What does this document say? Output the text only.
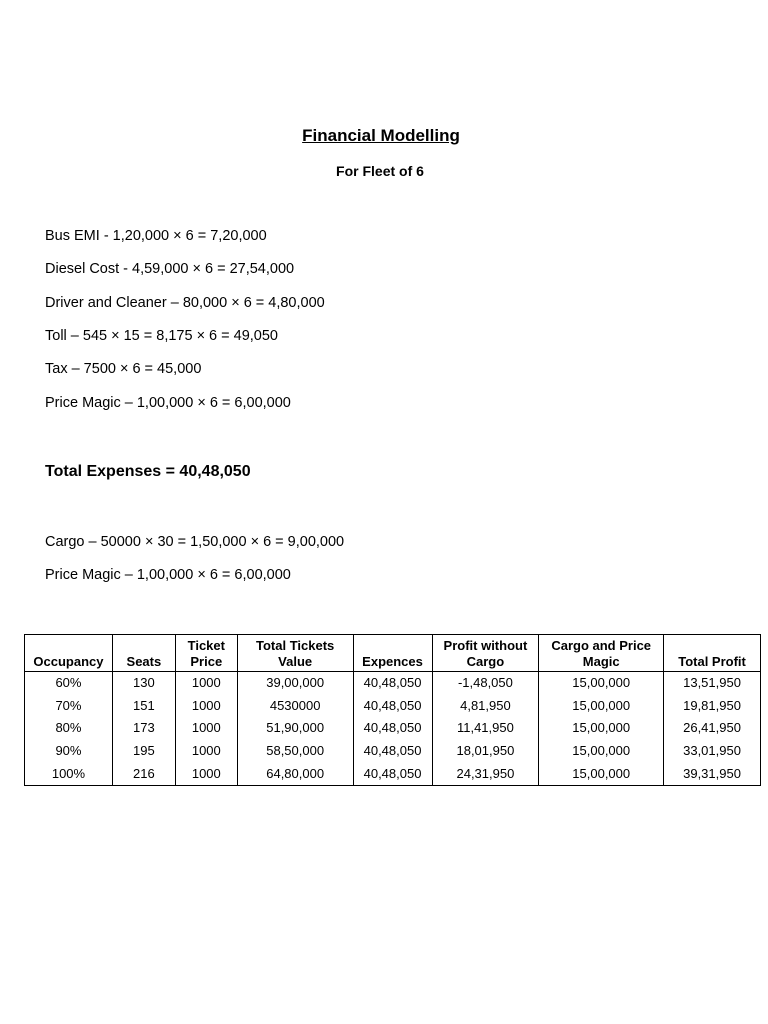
Financial Modelling
For Fleet of 6
Bus EMI - 1,20,000 × 6 = 7,20,000
Diesel Cost - 4,59,000 × 6 = 27,54,000
Driver and Cleaner – 80,000 × 6 = 4,80,000
Toll – 545 × 15 = 8,175 × 6 = 49,050
Tax – 7500 × 6 = 45,000
Price Magic – 1,00,000 × 6 = 6,00,000
Total Expenses = 40,48,050
Cargo – 50000 × 30 = 1,50,000 × 6 = 9,00,000
Price Magic – 1,00,000 × 6 = 6,00,000
Occupancy	Seats	Ticket Price	Total Tickets Value	Expences	Profit without Cargo	Cargo and Price Magic	Total Profit
60%	130	1000	39,00,000	40,48,050	-1,48,050	15,00,000	13,51,950
70%	151	1000	4530000	40,48,050	4,81,950	15,00,000	19,81,950
80%	173	1000	51,90,000	40,48,050	11,41,950	15,00,000	26,41,950
90%	195	1000	58,50,000	40,48,050	18,01,950	15,00,000	33,01,950
100%	216	1000	64,80,000	40,48,050	24,31,950	15,00,000	39,31,950
